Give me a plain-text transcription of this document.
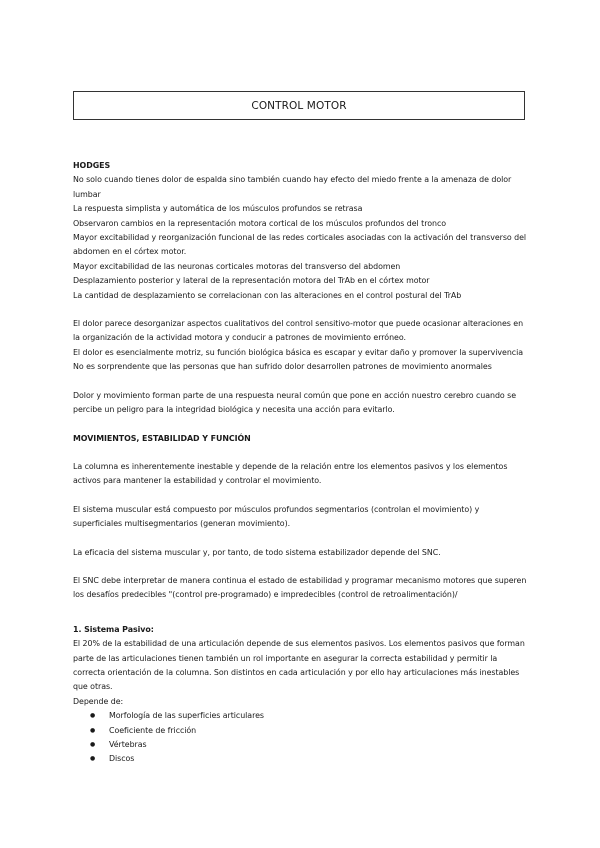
CONTROL MOTOR

HODGES

No solo cuando tienes dolor de espalda sino también cuando hay efecto del miedo frente a la amenaza de dolor lumbar

La respuesta simplista y automática de los músculos profundos se retrasa

Observaron cambios en la representación motora cortical de los músculos profundos del tronco

Mayor excitabilidad y reorganización funcional de las redes corticales asociadas con la activación del transverso del abdomen en el córtex motor.

Mayor excitabilidad de las neuronas corticales motoras del transverso del abdomen

Desplazamiento posterior y lateral de la representación motora del TrAb en el córtex motor

La cantidad de desplazamiento se correlacionan con las alteraciones en el control postural del TrAb

El dolor parece desorganizar aspectos cualitativos del control sensitivo-motor que puede ocasionar alteraciones en la organización de la actividad motora y conducir a patrones de movimiento erróneo.

El dolor es esencialmente motriz, su función biológica básica es escapar y evitar daño y promover la supervivencia

No es sorprendente que las personas que han sufrido dolor desarrollen patrones de movimiento anormales

Dolor y movimiento forman parte de una respuesta neural común que pone en acción nuestro cerebro cuando se percibe un peligro para la integridad biológica y necesita una acción para evitarlo.

MOVIMIENTOS, ESTABILIDAD Y FUNCIÓN

La columna es inherentemente inestable y depende de la relación entre los elementos pasivos y los elementos activos para mantener la estabilidad y controlar el movimiento.

El sistema muscular está compuesto por músculos profundos segmentarios (controlan el movimiento) y superficiales multisegmentarios (generan movimiento).

La eficacia del sistema muscular y, por tanto, de todo sistema estabilizador depende del SNC.

El SNC debe interpretar de manera continua el estado de estabilidad y programar mecanismo motores que superen los desafíos predecibles "(control pre-programado) e impredecibles (control de retroalimentación)/

1. Sistema Pasivo:

El 20% de la estabilidad de una articulación depende de sus elementos pasivos. Los elementos pasivos que forman parte de las articulaciones tienen también un rol importante en asegurar la correcta estabilidad y permitir la correcta orientación de la columna. Son distintos en cada articulación y por ello hay articulaciones más inestables que otras.

Depende de:

● Morfología de las superficies articulares
● Coeficiente de fricción
● Vértebras
● Discos
